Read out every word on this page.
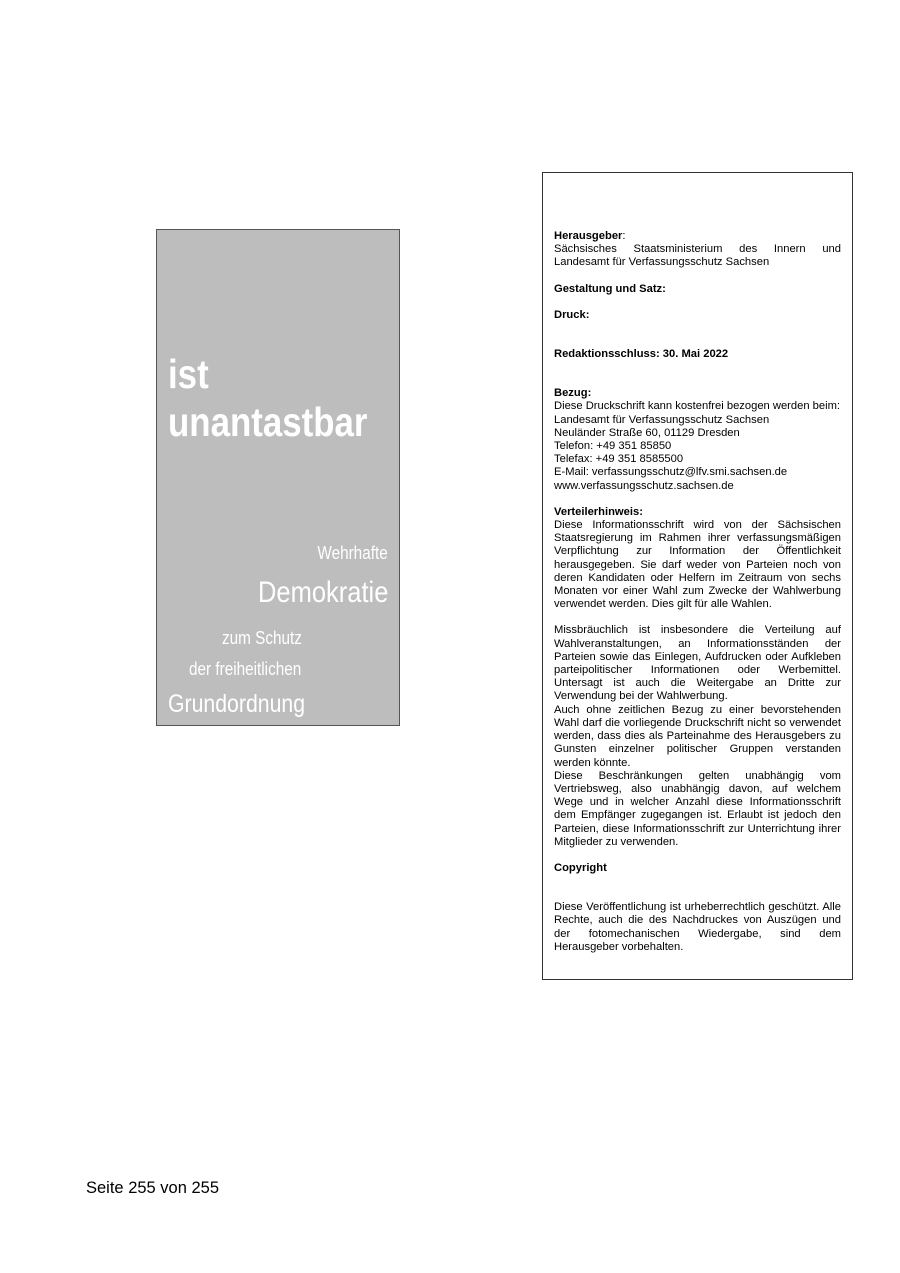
ist
unantastbar
Wehrhafte
Demokratie
zum Schutz
der freiheitlichen
Grundordnung

Herausgeber:

Sächsisches Staatsministerium des Innern und Landesamt für Verfassungsschutz Sachsen

Gestaltung und Satz:

Druck:

Redaktionsschluss: 30. Mai 2022

Bezug:

Diese Druckschrift kann kostenfrei bezogen werden beim:

Landesamt für Verfassungsschutz Sachsen

Neuländer Straße 60, 01129 Dresden

Telefon: +49 351 85850

Telefax: +49 351 8585500

E-Mail: verfassungsschutz@lfv.smi.sachsen.de

www.verfassungsschutz.sachsen.de

Verteilerhinweis:

Diese Informationsschrift wird von der Sächsischen Staatsregierung im Rahmen ihrer verfassungsmäßigen Verpflichtung zur Information der Öffentlichkeit herausgegeben. Sie darf weder von Parteien noch von deren Kandidaten oder Helfern im Zeitraum von sechs Monaten vor einer Wahl zum Zwecke der Wahlwerbung verwendet werden. Dies gilt für alle Wahlen.

Missbräuchlich ist insbesondere die Verteilung auf Wahlveranstaltungen, an Informationsständen der Parteien sowie das Einlegen, Aufdrucken oder Aufkleben parteipolitischer Informationen oder Werbemittel. Untersagt ist auch die Weitergabe an Dritte zur Verwendung bei der Wahlwerbung.

Auch ohne zeitlichen Bezug zu einer bevorstehenden Wahl darf die vorliegende Druckschrift nicht so verwendet werden, dass dies als Parteinahme des Herausgebers zu Gunsten einzelner politischer Gruppen verstanden werden könnte.

Diese Beschränkungen gelten unabhängig vom Vertriebsweg, also unabhängig davon, auf welchem Wege und in welcher Anzahl diese Informationsschrift dem Empfänger zugegangen ist. Erlaubt ist jedoch den Parteien, diese Informationsschrift zur Unterrichtung ihrer Mitglieder zu verwenden.

Copyright

Diese Veröffentlichung ist urheberrechtlich geschützt. Alle Rechte, auch die des Nachdruckes von Auszügen und der fotomechanischen Wiedergabe, sind dem Herausgeber vorbehalten.

Seite 255 von 255
